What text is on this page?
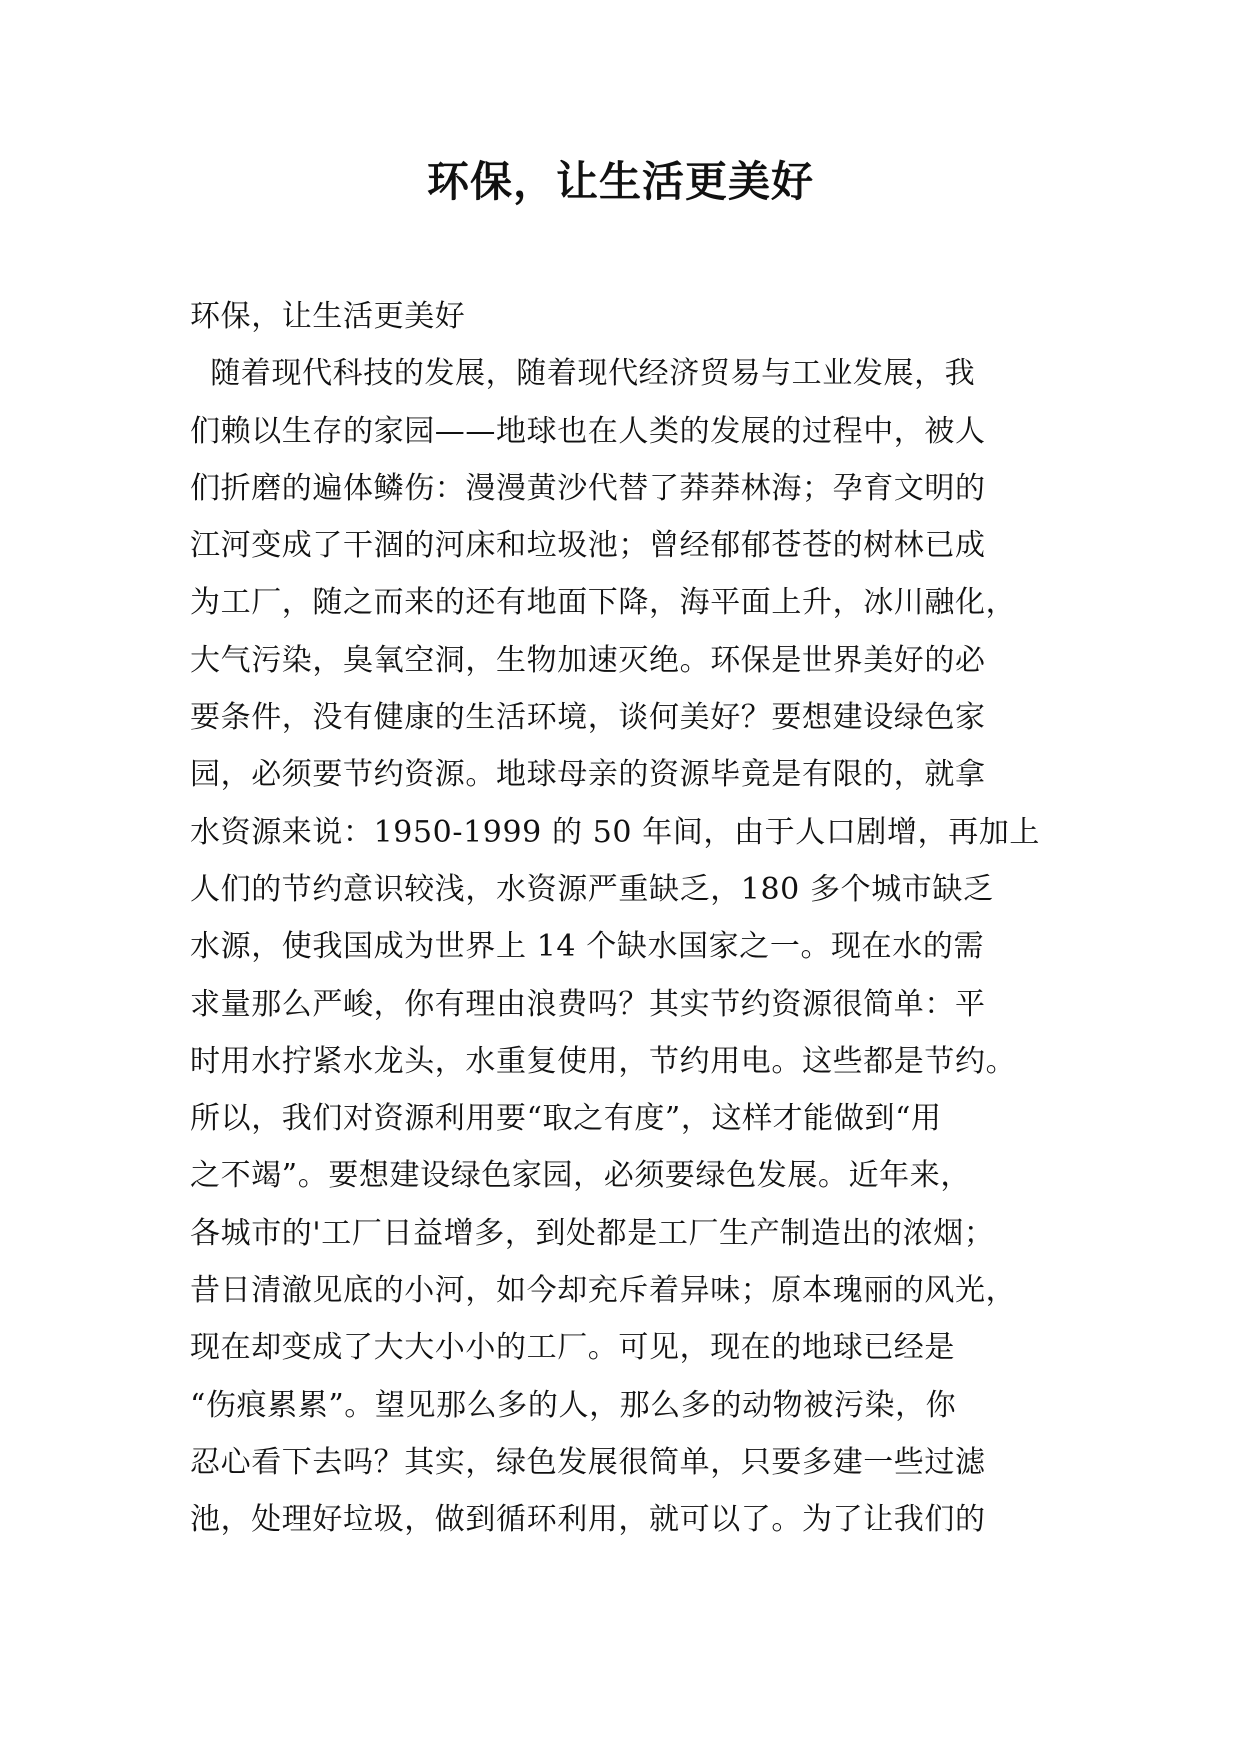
环保，让生活更美好
环保，让生活更美好
随着现代科技的发展，随着现代经济贸易与工业发展，我
们赖以生存的家园——地球也在人类的发展的过程中，被人
们折磨的遍体鳞伤：漫漫黄沙代替了莽莽林海；孕育文明的
江河变成了干涸的河床和垃圾池；曾经郁郁苍苍的树林已成
为工厂，随之而来的还有地面下降，海平面上升，冰川融化，
大气污染，臭氧空洞，生物加速灭绝。环保是世界美好的必
要条件，没有健康的生活环境，谈何美好？要想建设绿色家
园，必须要节约资源。地球母亲的资源毕竟是有限的，就拿
水资源来说：1950-1999 的 50 年间，由于人口剧增，再加上
人们的节约意识较浅，水资源严重缺乏，180 多个城市缺乏
水源，使我国成为世界上 14 个缺水国家之一。现在水的需
求量那么严峻，你有理由浪费吗？其实节约资源很简单：平
时用水拧紧水龙头，水重复使用，节约用电。这些都是节约。
所以，我们对资源利用要“取之有度”，这样才能做到“用
之不竭”。要想建设绿色家园，必须要绿色发展。近年来，
各城市的'工厂日益增多，到处都是工厂生产制造出的浓烟；
昔日清澈见底的小河，如今却充斥着异味；原本瑰丽的风光，
现在却变成了大大小小的工厂。可见，现在的地球已经是
“伤痕累累”。望见那么多的人，那么多的动物被污染，你
忍心看下去吗？其实，绿色发展很简单，只要多建一些过滤
池，处理好垃圾，做到循环利用，就可以了。为了让我们的
